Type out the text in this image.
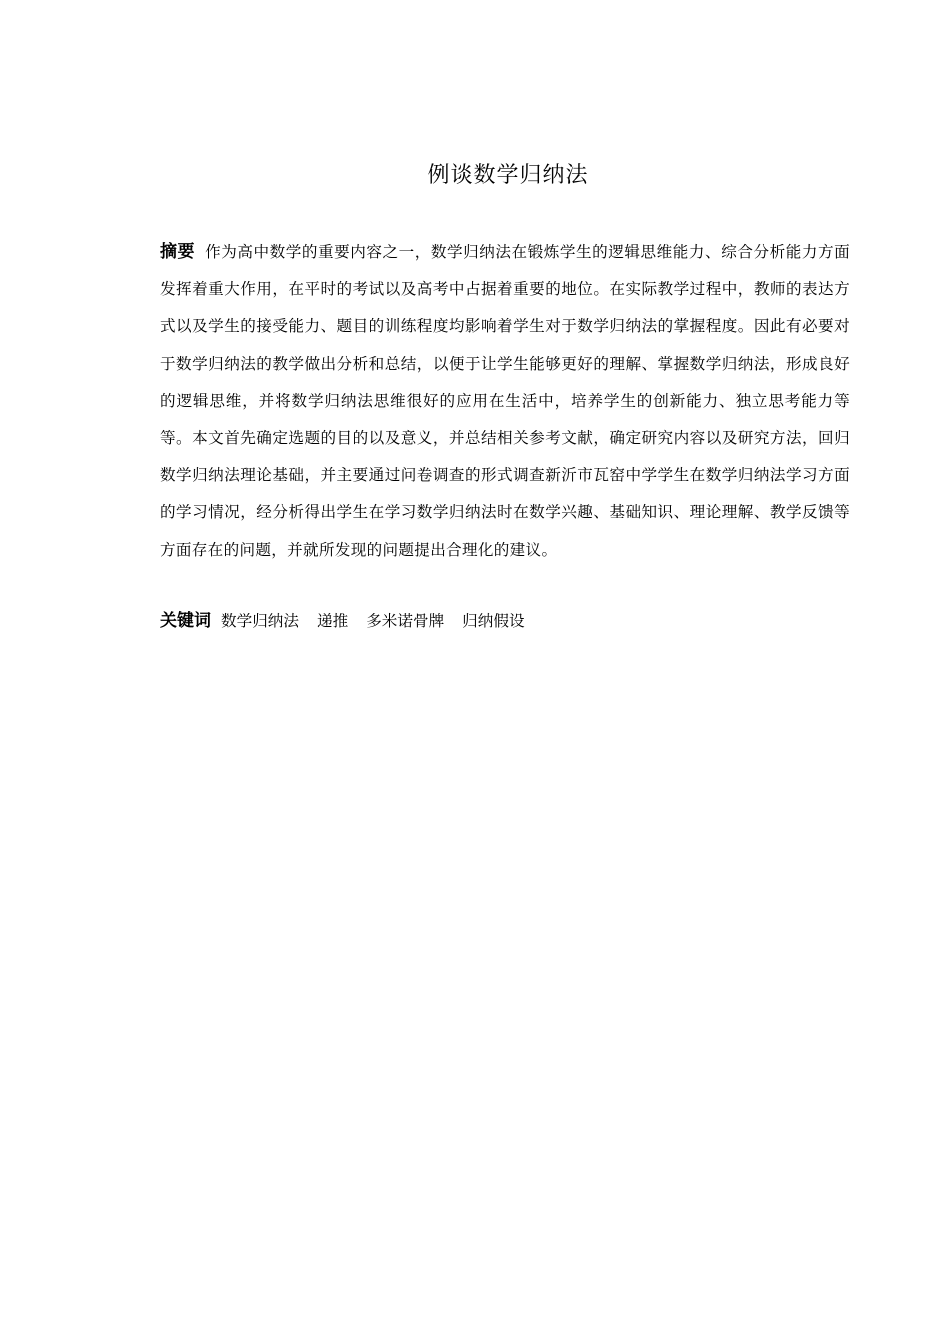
例谈数学归纳法
摘要 作为高中数学的重要内容之一，数学归纳法在锻炼学生的逻辑思维能力、综合分析能力方面发挥着重大作用，在平时的考试以及高考中占据着重要的地位。在实际教学过程中，教师的表达方式以及学生的接受能力、题目的训练程度均影响着学生对于数学归纳法的掌握程度。因此有必要对于数学归纳法的教学做出分析和总结，以便于让学生能够更好的理解、掌握数学归纳法，形成良好的逻辑思维，并将数学归纳法思维很好的应用在生活中，培养学生的创新能力、独立思考能力等等。本文首先确定选题的目的以及意义，并总结相关参考文献，确定研究内容以及研究方法，回归数学归纳法理论基础，并主要通过问卷调查的形式调查新沂市瓦窑中学学生在数学归纳法学习方面的学习情况，经分析得出学生在学习数学归纳法时在数学兴趣、基础知识、理论理解、教学反馈等方面存在的问题，并就所发现的问题提出合理化的建议。
关键词 数学归纳法 递推 多米诺骨牌 归纳假设
